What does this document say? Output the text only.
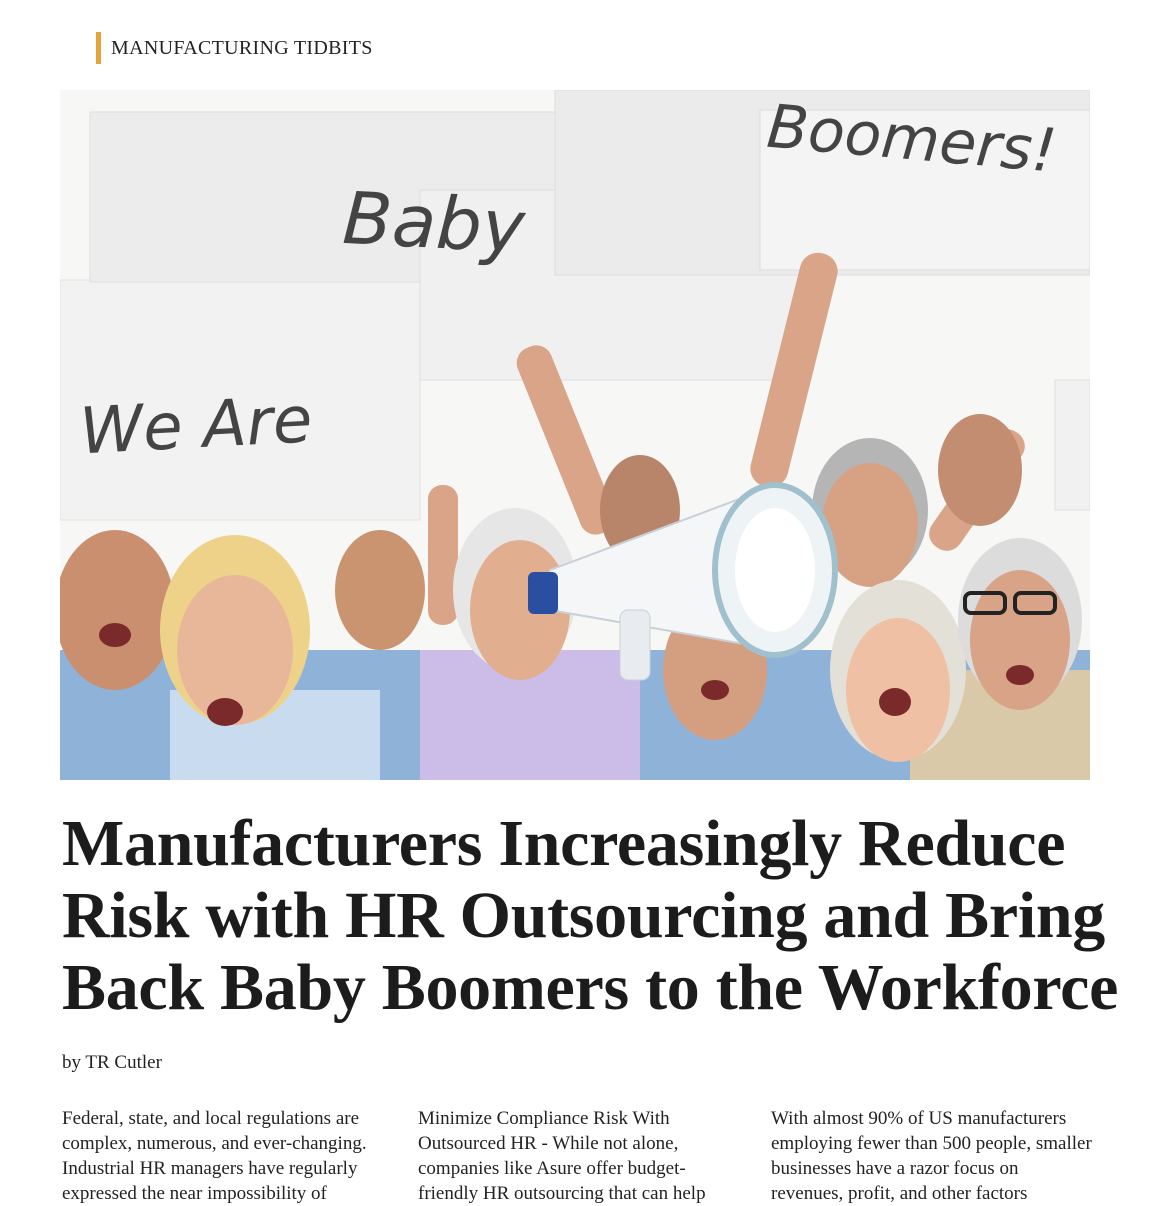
MANUFACTURING TIDBITS
We Are
Baby
Boomers!
Manufacturers Increasingly Reduce Risk with HR Outsourcing and Bring Back Baby Boomers to the Workforce
by TR Cutler

Federal, state, and local regulations are complex, numerous, and ever-changing. Industrial HR managers have regularly expressed the near impossibility of

Minimize Compliance Risk With Outsourced HR - While not alone, companies like Asure offer budget-friendly HR outsourcing that can help

With almost 90% of US manufacturers employing fewer than 500 people, smaller businesses have a razor focus on revenues, profit, and other factors
